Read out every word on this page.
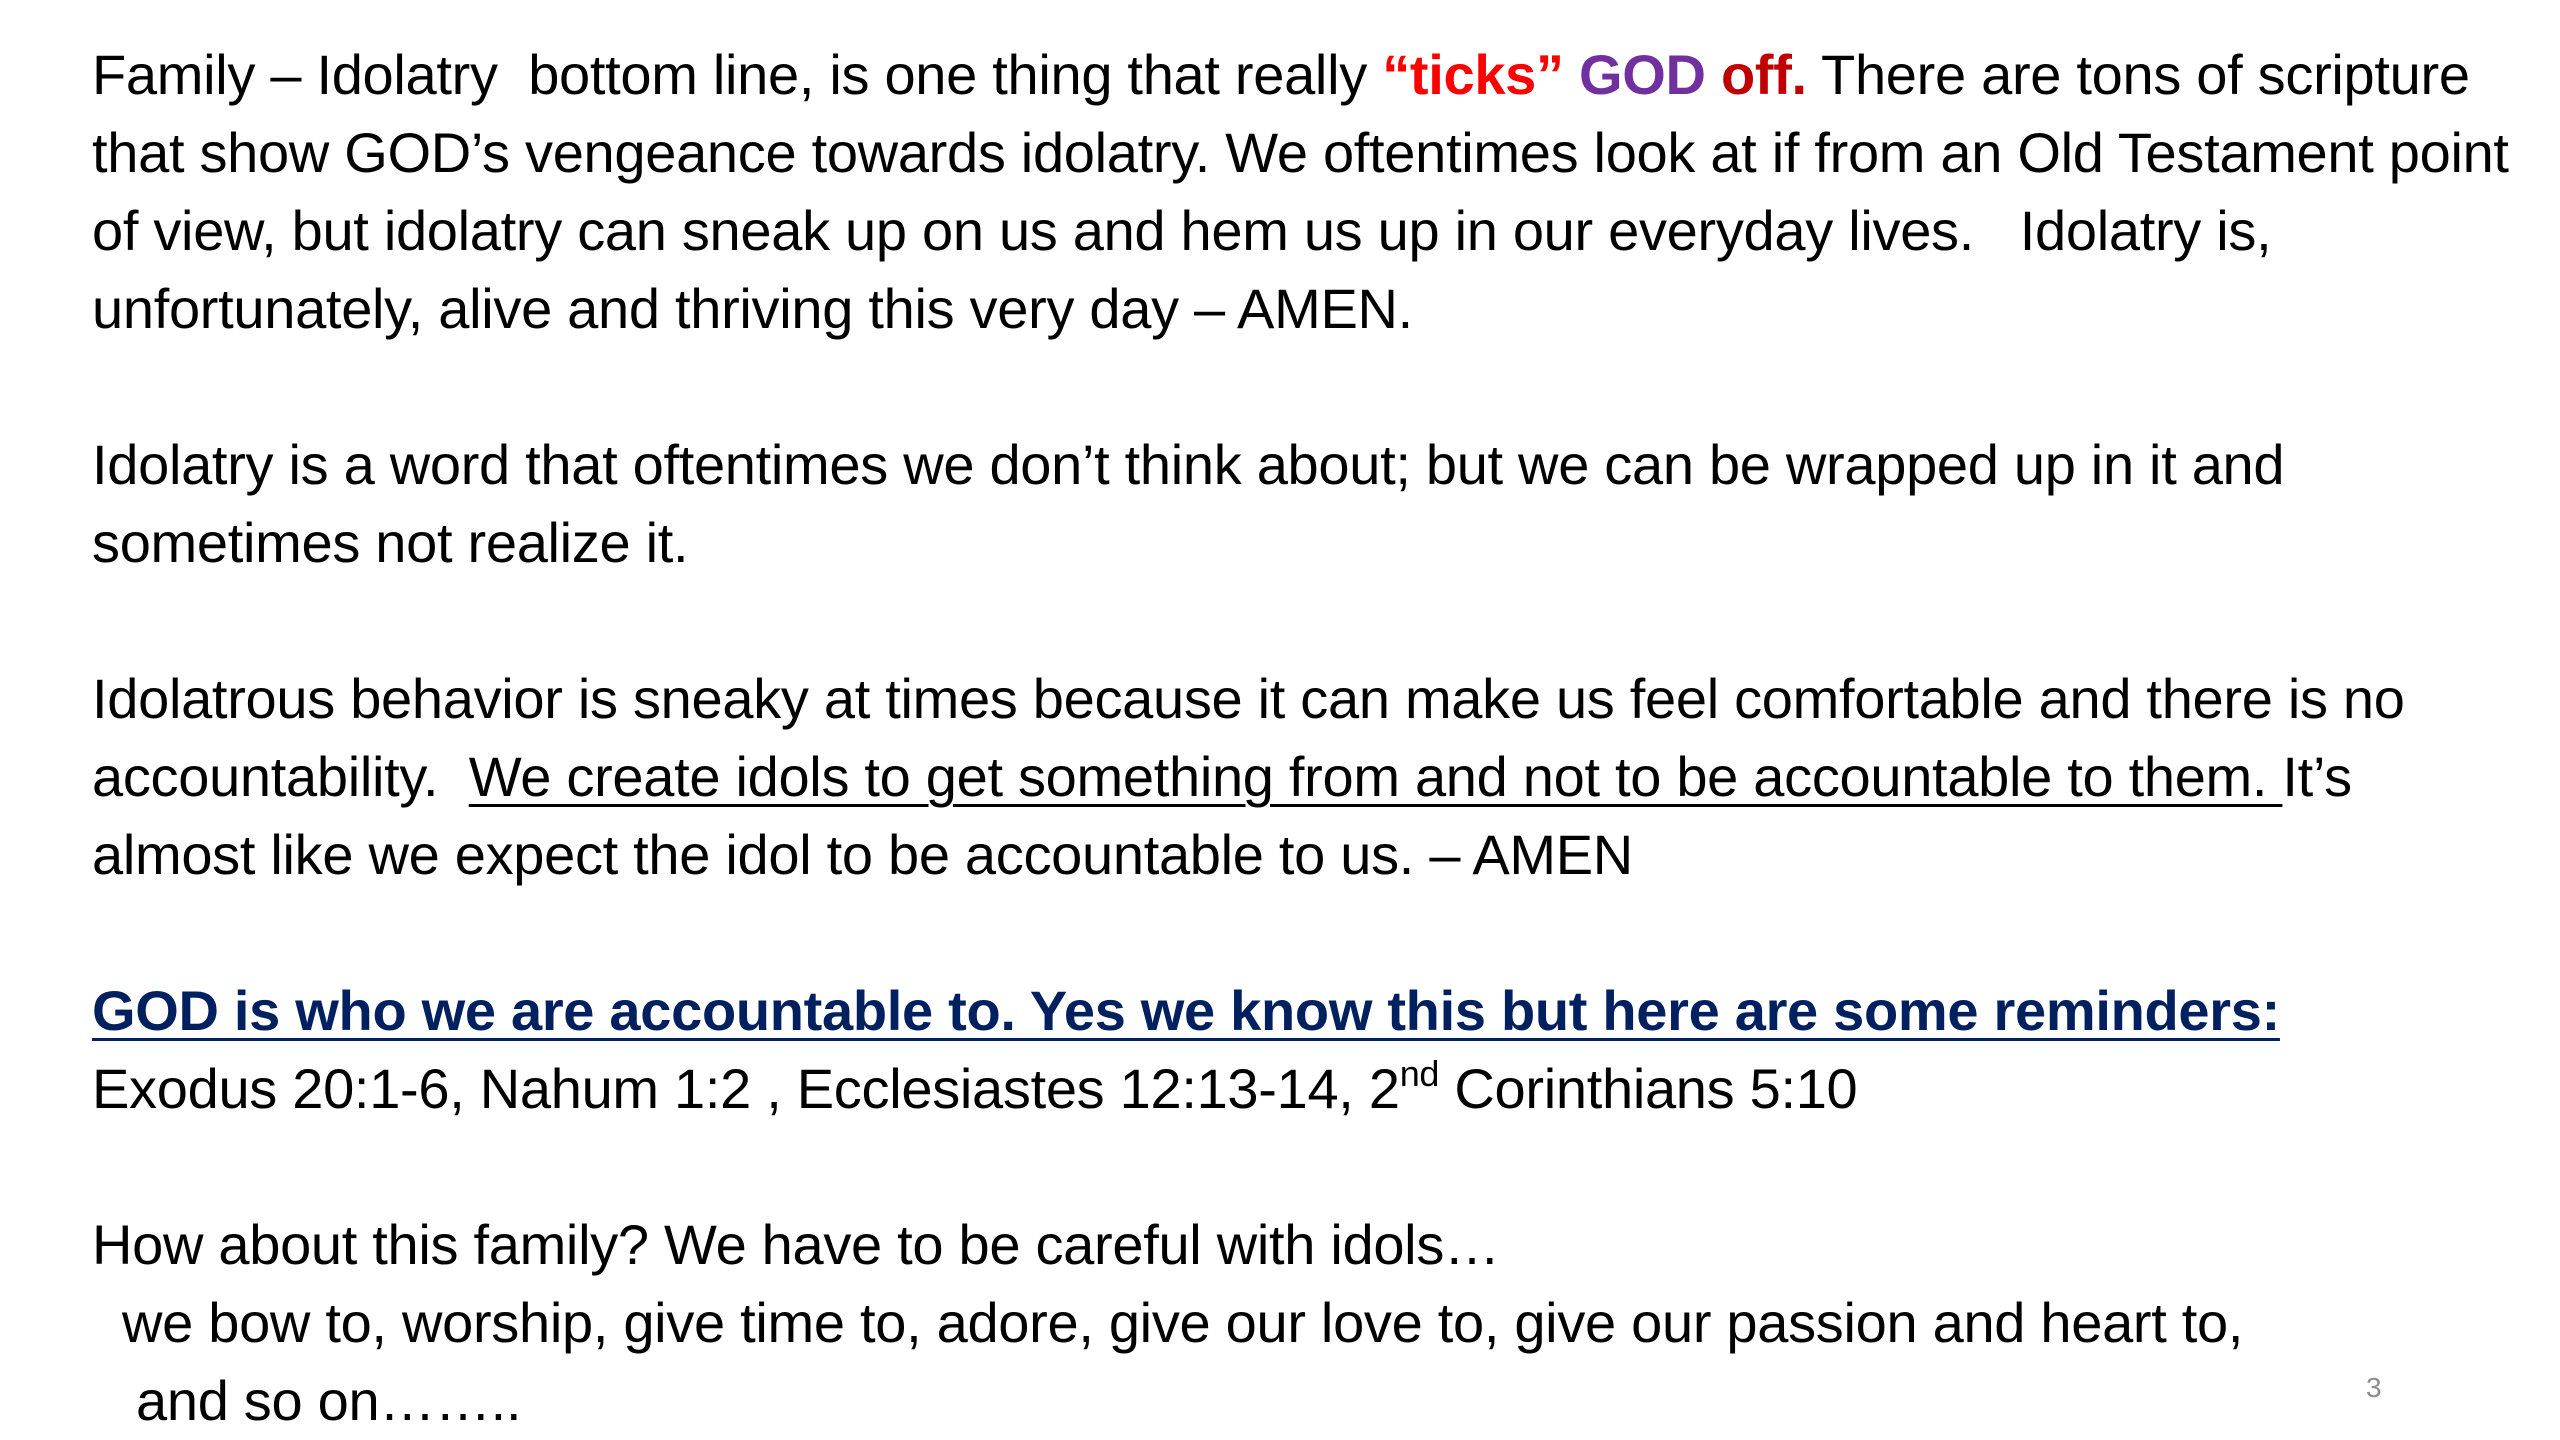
Family – Idolatry  bottom line, is one thing that really “ticks” GOD off. There are tons of scripture that show GOD’s vengeance towards idolatry. We oftentimes look at if from an Old Testament point of view, but idolatry can sneak up on us and hem us up in our everyday lives.   Idolatry is, unfortunately, alive and thriving this very day – AMEN.

Idolatry is a word that oftentimes we don’t think about; but we can be wrapped up in it and sometimes not realize it.

Idolatrous behavior is sneaky at times because it can make us feel comfortable and there is no accountability.  We create idols to get something from and not to be accountable to them. It’s almost like we expect the idol to be accountable to us. – AMEN

GOD is who we are accountable to. Yes we know this but here are some reminders:
Exodus 20:1-6, Nahum 1:2 , Ecclesiastes 12:13-14, 2nd Corinthians 5:10

How about this family? We have to be careful with idols…
we bow to, worship, give time to, adore, give our love to, give our passion and heart to,
and so on……..	3
